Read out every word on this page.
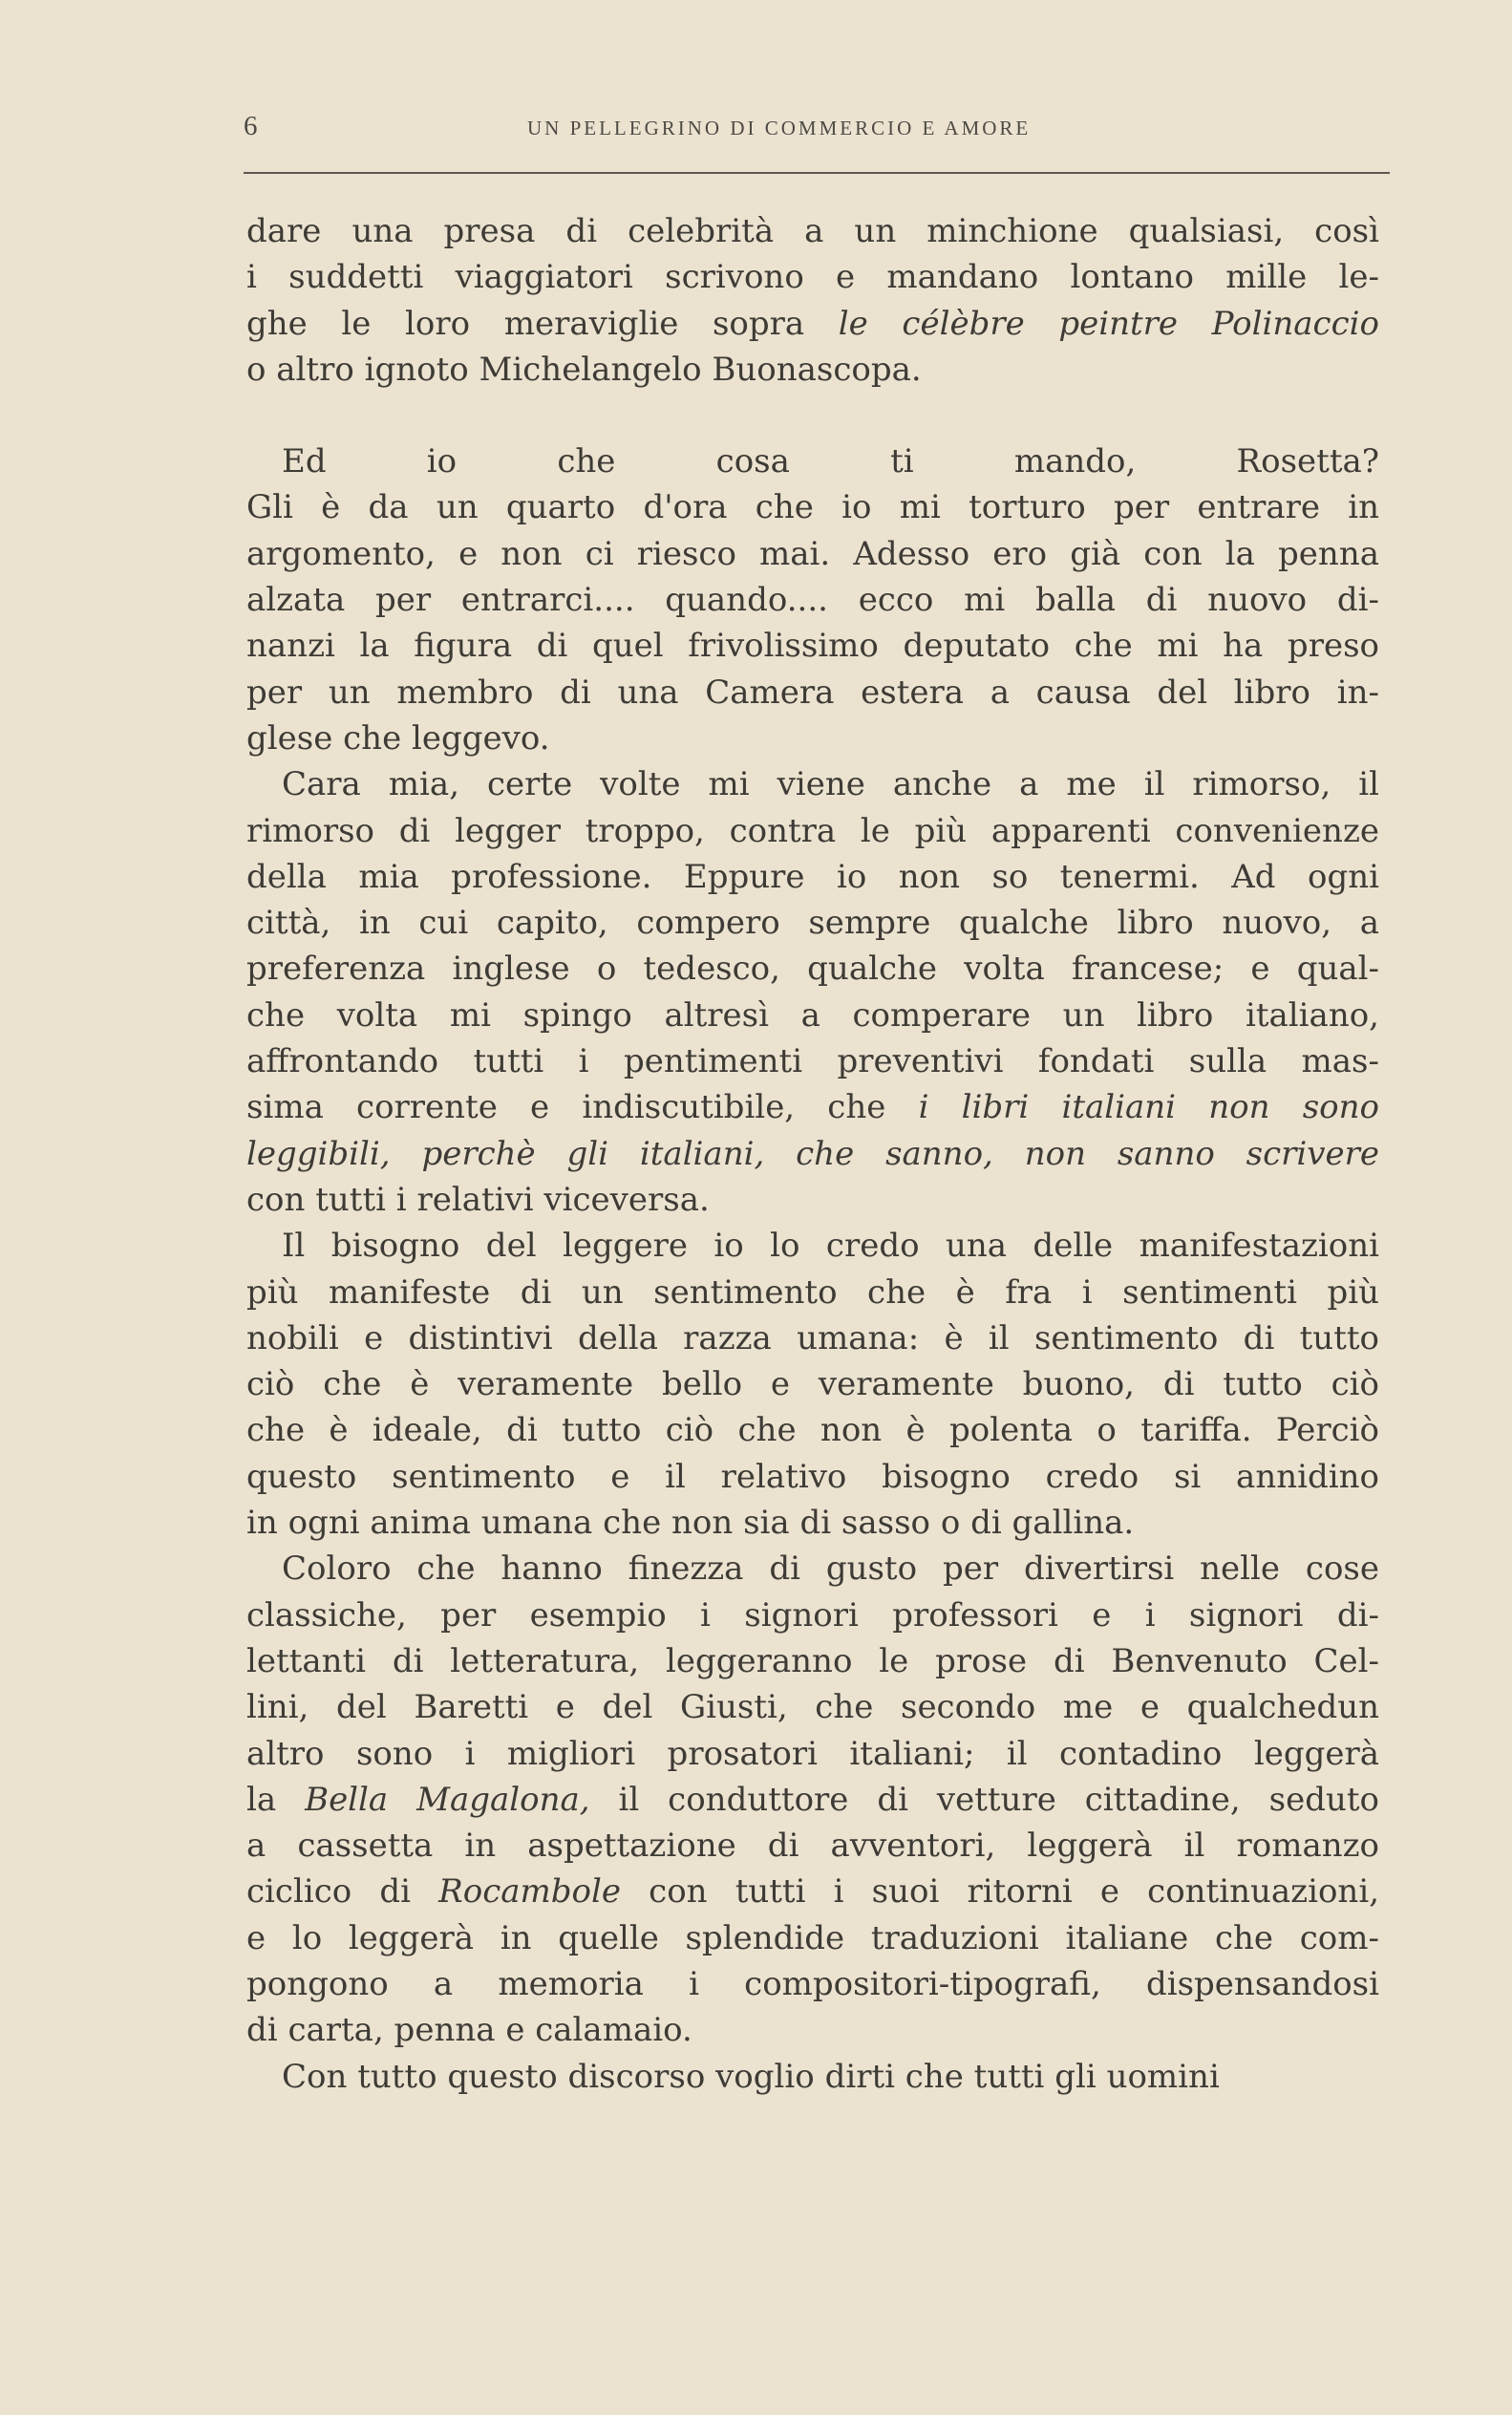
6	UN PELLEGRINO DI COMMERCIO E AMORE

dare una presa di celebrità a un minchione qualsiasi, così
i suddetti viaggiatori scrivono e mandano lontano mille le-
ghe le loro meraviglie sopra le célèbre peintre Polinaccio
o altro ignoto Michelangelo Buonascopa.

Ed io che cosa ti mando, Rosetta?
Gli è da un quarto d'ora che io mi torturo per entrare in
argomento, e non ci riesco mai. Adesso ero già con la penna
alzata per entrarci.... quando.... ecco mi balla di nuovo di-
nanzi la figura di quel frivolissimo deputato che mi ha preso
per un membro di una Camera estera a causa del libro in-
glese che leggevo.

Cara mia, certe volte mi viene anche a me il rimorso, il
rimorso di legger troppo, contra le più apparenti convenienze
della mia professione. Eppure io non so tenermi. Ad ogni
città, in cui capito, compero sempre qualche libro nuovo, a
preferenza inglese o tedesco, qualche volta francese; e qual-
che volta mi spingo altresì a comperare un libro italiano,
affrontando tutti i pentimenti preventivi fondati sulla mas-
sima corrente e indiscutibile, che i libri italiani non sono
leggibili, perchè gli italiani, che sanno, non sanno scrivere
con tutti i relativi viceversa.

Il bisogno del leggere io lo credo una delle manifestazioni
più manifeste di un sentimento che è fra i sentimenti più
nobili e distintivi della razza umana: è il sentimento di tutto
ciò che è veramente bello e veramente buono, di tutto ciò
che è ideale, di tutto ciò che non è polenta o tariffa. Perciò
questo sentimento e il relativo bisogno credo si annidino
in ogni anima umana che non sia di sasso o di gallina.

Coloro che hanno finezza di gusto per divertirsi nelle cose
classiche, per esempio i signori professori e i signori di-
lettanti di letteratura, leggeranno le prose di Benvenuto Cel-
lini, del Baretti e del Giusti, che secondo me e qualchedun
altro sono i migliori prosatori italiani; il contadino leggerà
la Bella Magalona, il conduttore di vetture cittadine, seduto
a cassetta in aspettazione di avventori, leggerà il romanzo
ciclico di Rocambole con tutti i suoi ritorni e continuazioni,
e lo leggerà in quelle splendide traduzioni italiane che com-
pongono a memoria i compositori-tipografi, dispensandosi
di carta, penna e calamaio.

Con tutto questo discorso voglio dirti che tutti gli uomini
